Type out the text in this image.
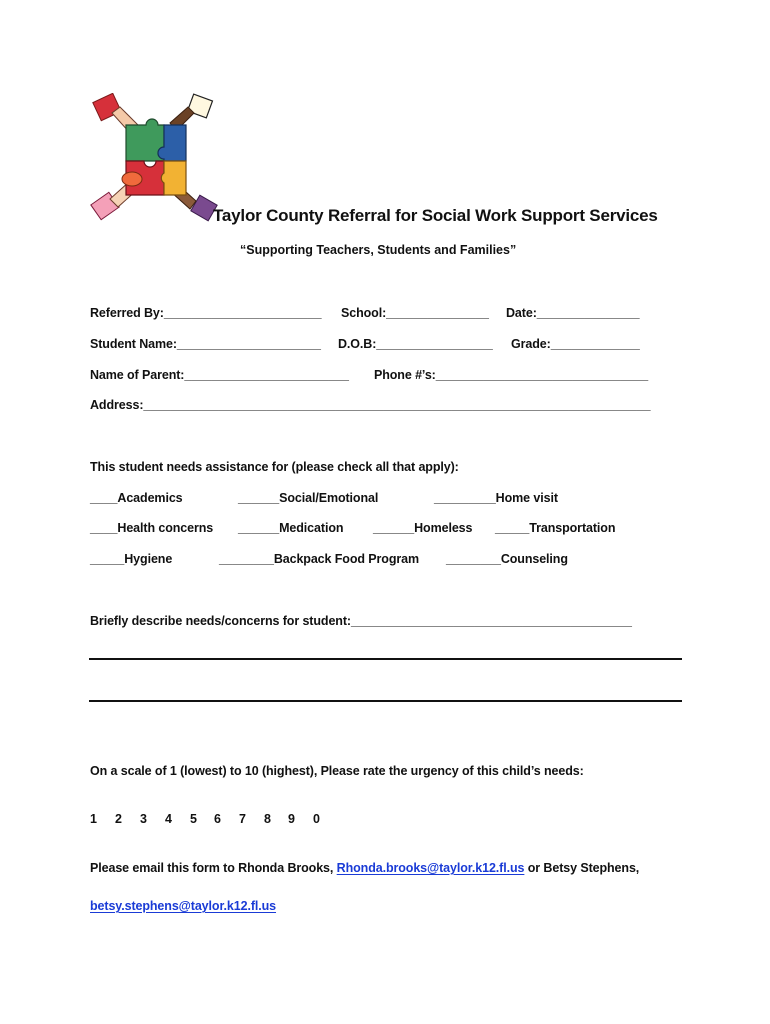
Taylor County Referral for Social Work Support Services
“Supporting Teachers, Students and Families”
Referred By:_______________________ School:_______________ Date:_______________
Student Name:_____________________ D.O.B:_________________ Grade:_____________
Name of Parent:________________________ Phone #’s:_______________________________
Address:__________________________________________________________________________
This student needs assistance for (please check all that apply):
____Academics	______Social/Emotional	_________Home visit
____Health concerns ______Medication ______Homeless _____Transportation
_____Hygiene	________Backpack Food Program ________Counseling
Briefly describe needs/concerns for student:_________________________________________
On a scale of 1 (lowest) to 10 (highest), Please rate the urgency of this child’s needs:
1 2 3 4 5 6 7 8 9 0
Please email this form to Rhonda Brooks, Rhonda.brooks@taylor.k12.fl.us or Betsy Stephens,
betsy.stephens@taylor.k12.fl.us
